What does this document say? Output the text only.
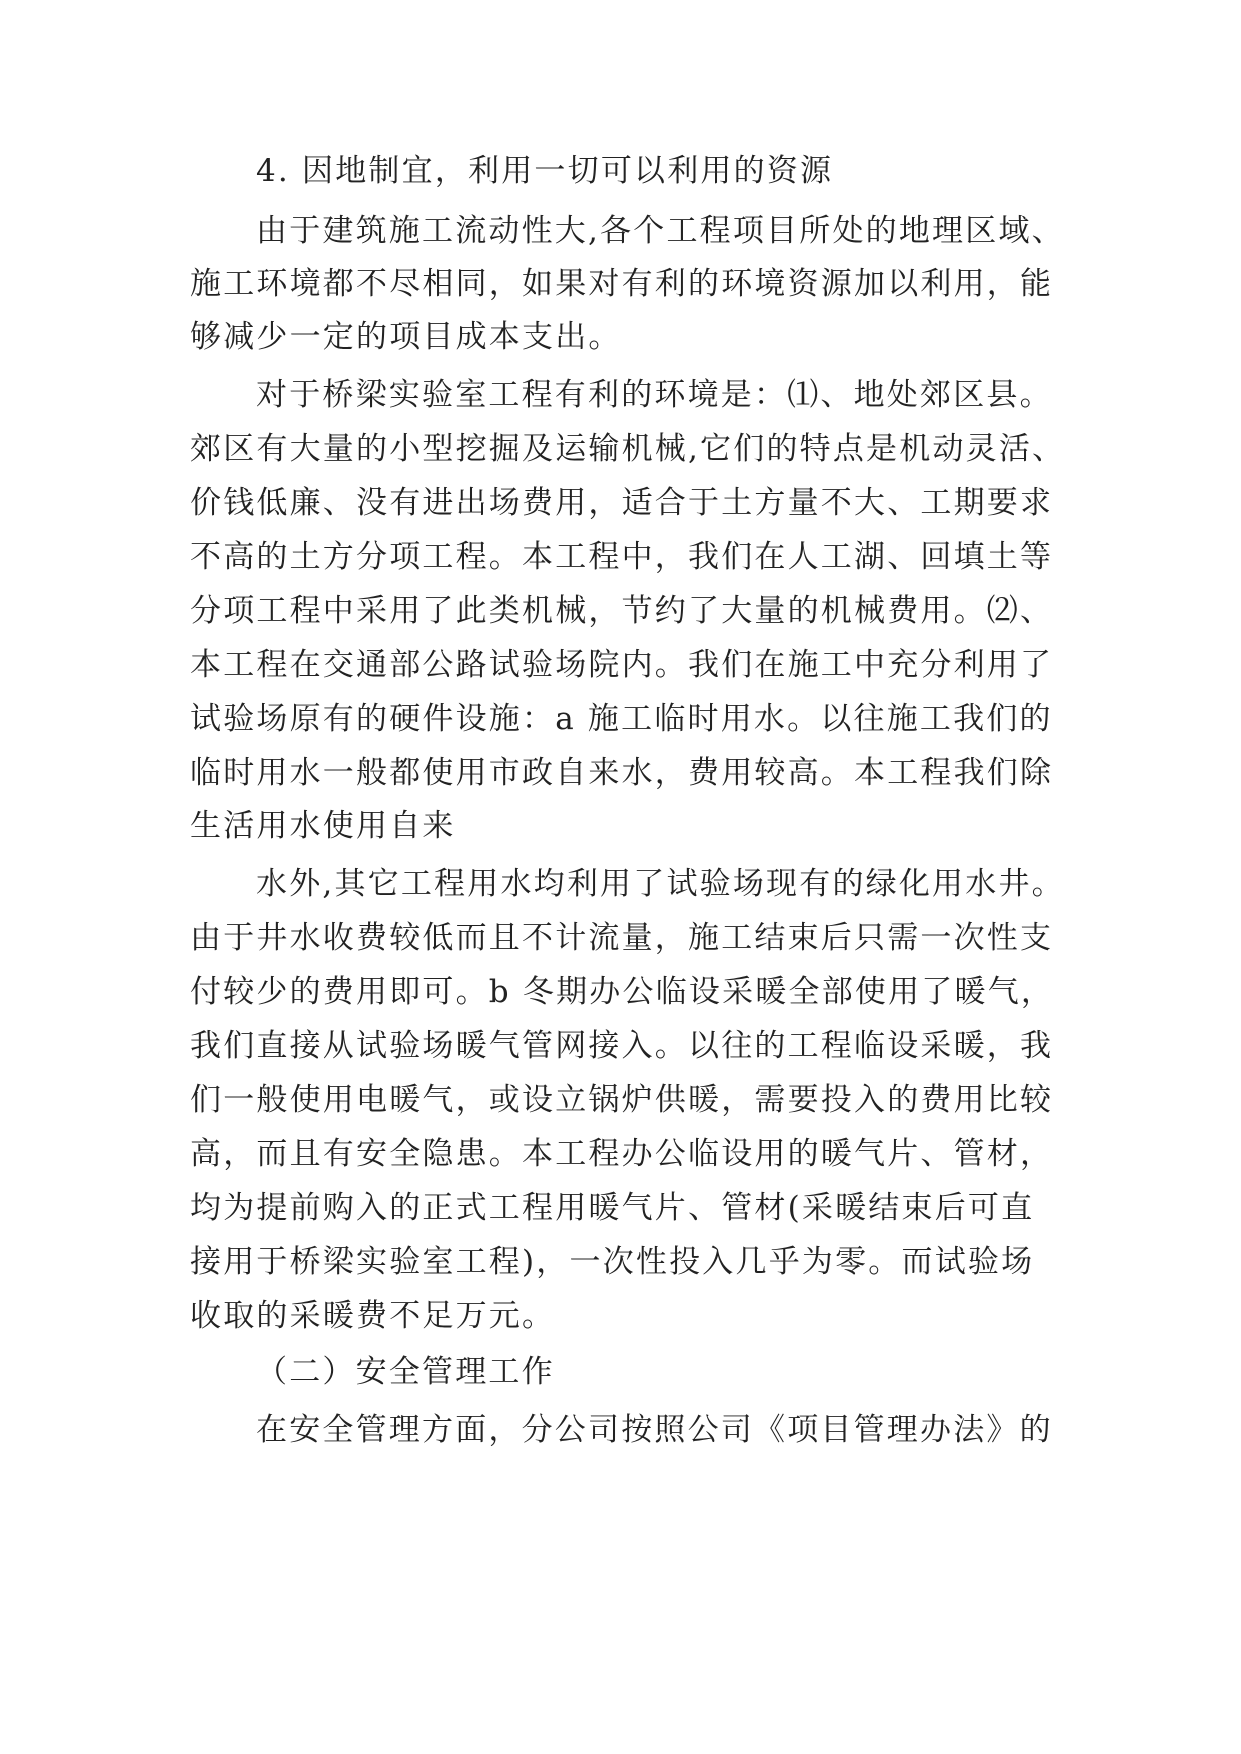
4. 因地制宜，利用一切可以利用的资源
由于建筑施工流动性大,各个工程项目所处的地理区域、
施工环境都不尽相同，如果对有利的环境资源加以利用，能
够减少一定的项目成本支出。
对于桥梁实验室工程有利的环境是：⑴、地处郊区县。
郊区有大量的小型挖掘及运输机械,它们的特点是机动灵活、
价钱低廉、没有进出场费用，适合于土方量不大、工期要求
不高的土方分项工程。本工程中，我们在人工湖、回填土等
分项工程中采用了此类机械，节约了大量的机械费用。⑵、
本工程在交通部公路试验场院内。我们在施工中充分利用了
试验场原有的硬件设施：a 施工临时用水。以往施工我们的
临时用水一般都使用市政自来水，费用较高。本工程我们除
生活用水使用自来
水外,其它工程用水均利用了试验场现有的绿化用水井。
由于井水收费较低而且不计流量，施工结束后只需一次性支
付较少的费用即可。b 冬期办公临设采暖全部使用了暖气，
我们直接从试验场暖气管网接入。以往的工程临设采暖，我
们一般使用电暖气，或设立锅炉供暖，需要投入的费用比较
高，而且有安全隐患。本工程办公临设用的暖气片、管材，
均为提前购入的正式工程用暖气片、管材(采暖结束后可直
接用于桥梁实验室工程)，一次性投入几乎为零。而试验场
收取的采暖费不足万元。
（二）安全管理工作
在安全管理方面，分公司按照公司《项目管理办法》的
